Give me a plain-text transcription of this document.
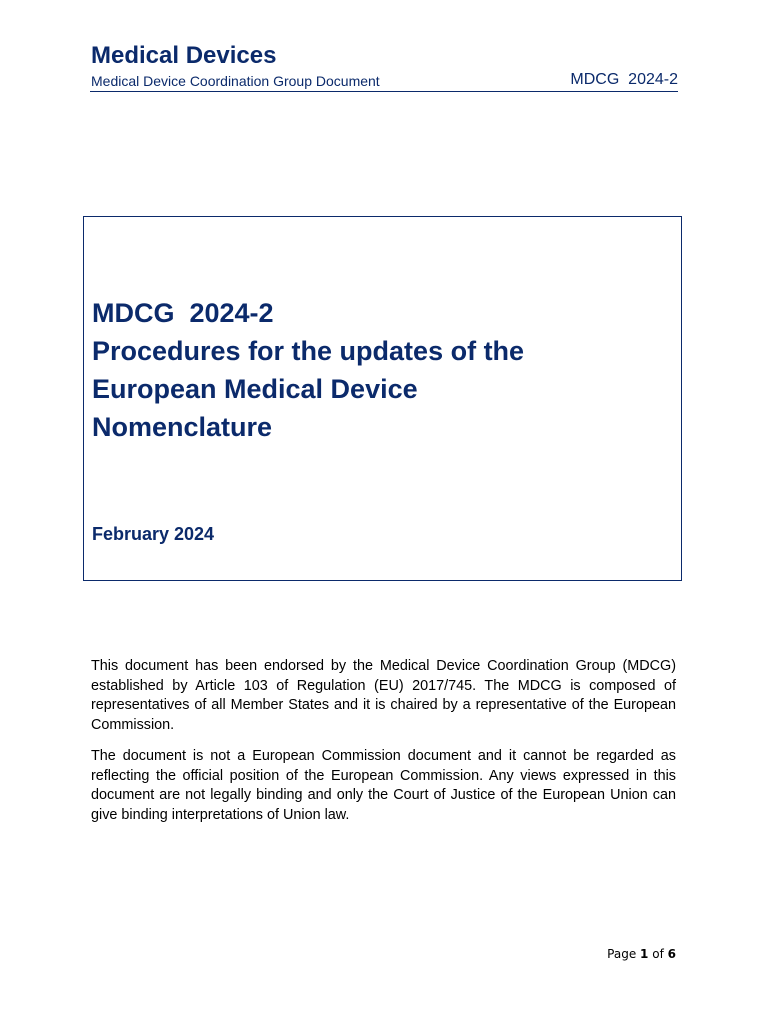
Medical Devices
Medical Device Coordination Group Document	MDCG  2024-2
MDCG  2024-2
Procedures for the updates of the
European Medical Device
Nomenclature
February 2024

This document has been endorsed by the Medical Device Coordination Group (MDCG) established by Article 103 of Regulation (EU) 2017/745. The MDCG is composed of representatives of all Member States and it is chaired by a representative of the European Commission.

The document is not a European Commission document and it cannot be regarded as reflecting the official position of the European Commission. Any views expressed in this document are not legally binding and only the Court of Justice of the European Union can give binding interpretations of Union law.

Page 1 of 6
